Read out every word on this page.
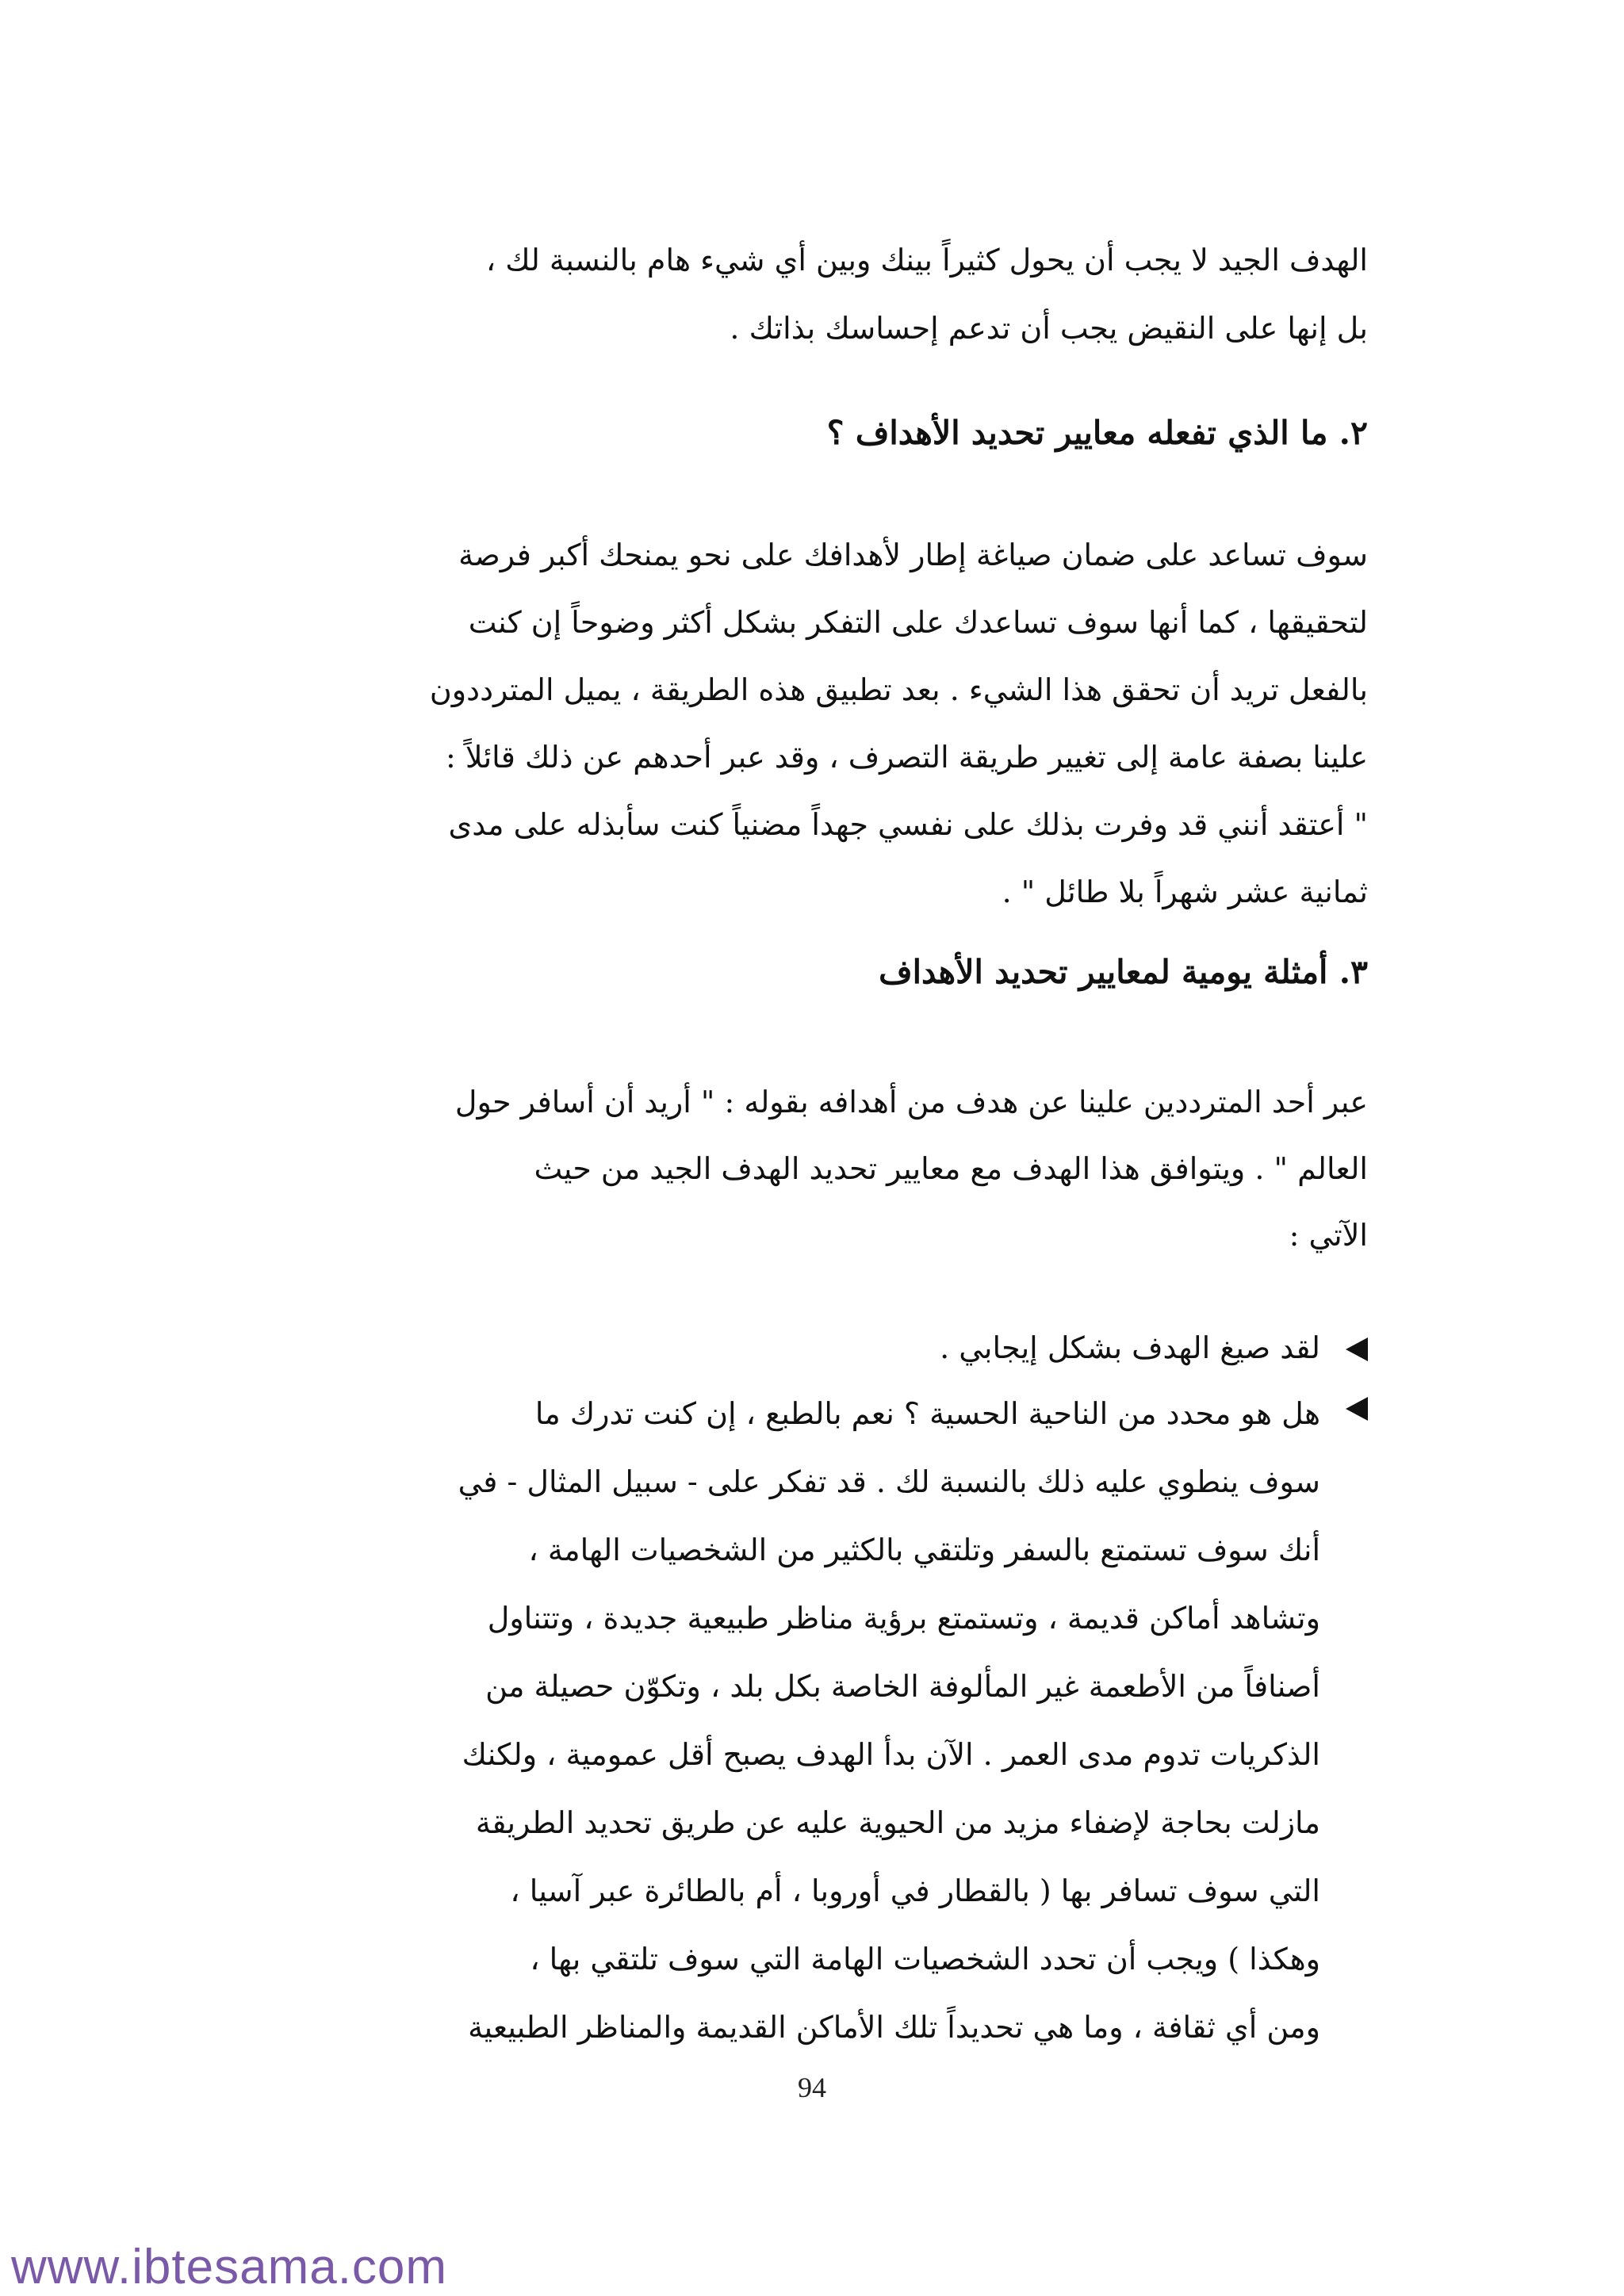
الهدف الجيد لا يجب أن يحول كثيراً بينك وبين أي شيء هام بالنسبة لك ،
بل إنها على النقيض يجب أن تدعم إحساسك بذاتك .
٢. ما الذي تفعله معايير تحديد الأهداف ؟
سوف تساعد على ضمان صياغة إطار لأهدافك على نحو يمنحك أكبر فرصة
لتحقيقها ، كما أنها سوف تساعدك على التفكر بشكل أكثر وضوحاً إن كنت
بالفعل تريد أن تحقق هذا الشيء . بعد تطبيق هذه الطريقة ، يميل المترددون
علينا بصفة عامة إلى تغيير طريقة التصرف ، وقد عبر أحدهم عن ذلك قائلاً :
" أعتقد أنني قد وفرت بذلك على نفسي جهداً مضنياً كنت سأبذله على مدى
ثمانية عشر شهراً بلا طائل " .
٣. أمثلة يومية لمعايير تحديد الأهداف
عبر أحد المترددين علينا عن هدف من أهدافه بقوله : " أريد أن أسافر حول
العالم " . ويتوافق هذا الهدف مع معايير تحديد الهدف الجيد من حيث
الآتي :
لقد صيغ الهدف بشكل إيجابي .
هل هو محدد من الناحية الحسية ؟ نعم بالطبع ، إن كنت تدرك ما
سوف ينطوي عليه ذلك بالنسبة لك . قد تفكر على - سبيل المثال - في
أنك سوف تستمتع بالسفر وتلتقي بالكثير من الشخصيات الهامة ،
وتشاهد أماكن قديمة ، وتستمتع برؤية مناظر طبيعية جديدة ، وتتناول
أصنافاً من الأطعمة غير المألوفة الخاصة بكل بلد ، وتكوّن حصيلة من
الذكريات تدوم مدى العمر . الآن بدأ الهدف يصبح أقل عمومية ، ولكنك
مازلت بحاجة لإضفاء مزيد من الحيوية عليه عن طريق تحديد الطريقة
التي سوف تسافر بها ( بالقطار في أوروبا ، أم بالطائرة عبر آسيا ،
وهكذا ) ويجب أن تحدد الشخصيات الهامة التي سوف تلتقي بها ،
ومن أي ثقافة ، وما هي تحديداً تلك الأماكن القديمة والمناظر الطبيعية
94
www.ibtesama.com
